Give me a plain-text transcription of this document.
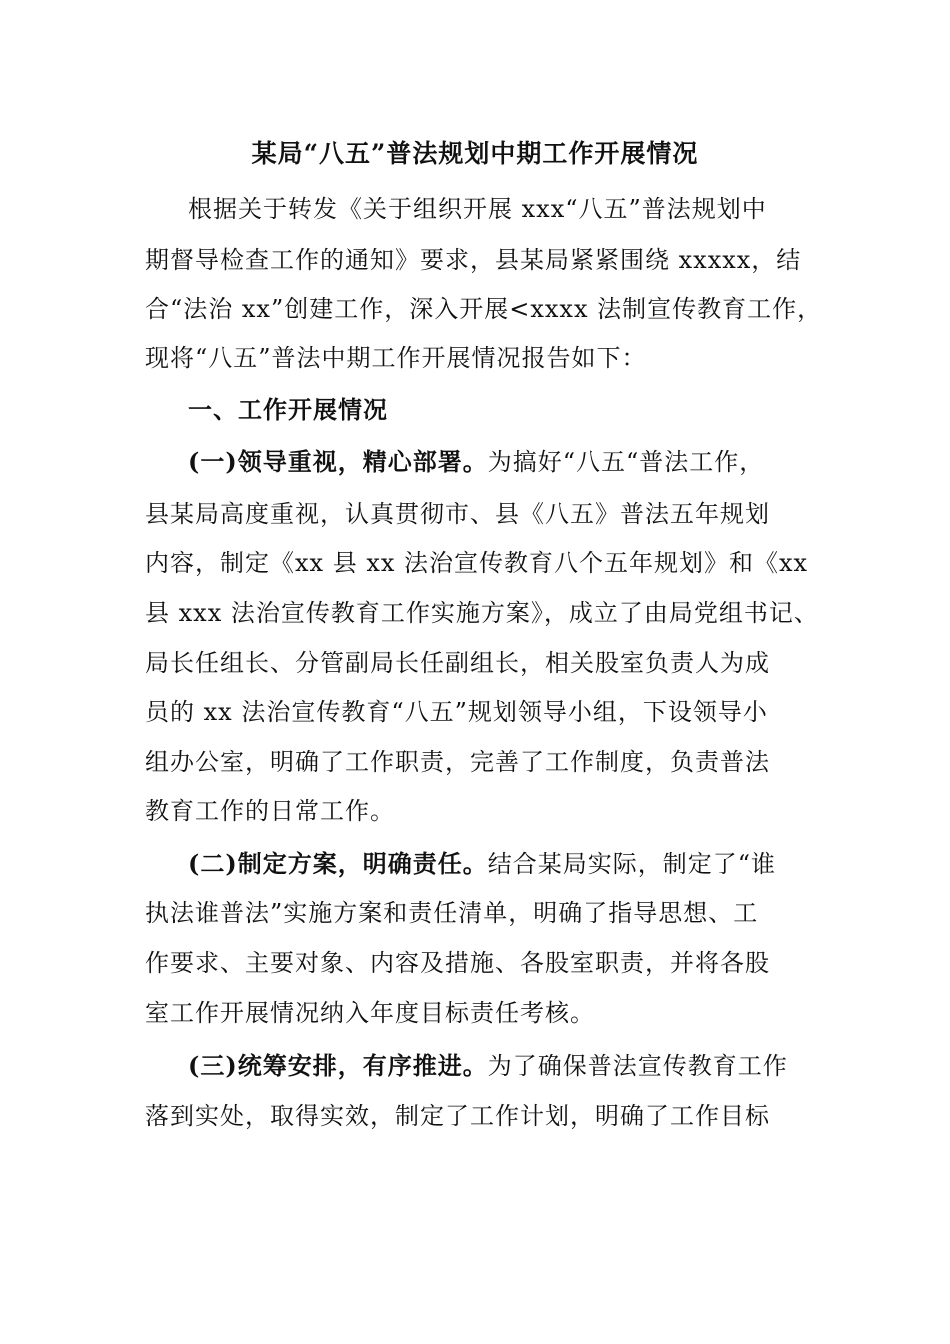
某局“八五”普法规划中期工作开展情况
根据关于转发《关于组织开展 xxx“八五”普法规划中
期督导检查工作的通知》要求，县某局紧紧围绕 xxxxx，结
合“法治 xx”创建工作，深入开展<xxxx 法制宣传教育工作，
现将“八五”普法中期工作开展情况报告如下：
一、工作开展情况
(一)领导重视，精心部署。为搞好“八五“普法工作，
县某局高度重视，认真贯彻市、县《八五》普法五年规划
内容，制定《xx 县 xx 法治宣传教育八个五年规划》和《xx
县 xxx 法治宣传教育工作实施方案》，成立了由局党组书记、
局长任组长、分管副局长任副组长，相关股室负责人为成
员的 xx 法治宣传教育“八五”规划领导小组，下设领导小
组办公室，明确了工作职责，完善了工作制度，负责普法
教育工作的日常工作。
(二)制定方案，明确责任。结合某局实际，制定了“谁
执法谁普法”实施方案和责任清单，明确了指导思想、工
作要求、主要对象、内容及措施、各股室职责，并将各股
室工作开展情况纳入年度目标责任考核。
(三)统筹安排，有序推进。为了确保普法宣传教育工作
落到实处，取得实效，制定了工作计划，明确了工作目标
